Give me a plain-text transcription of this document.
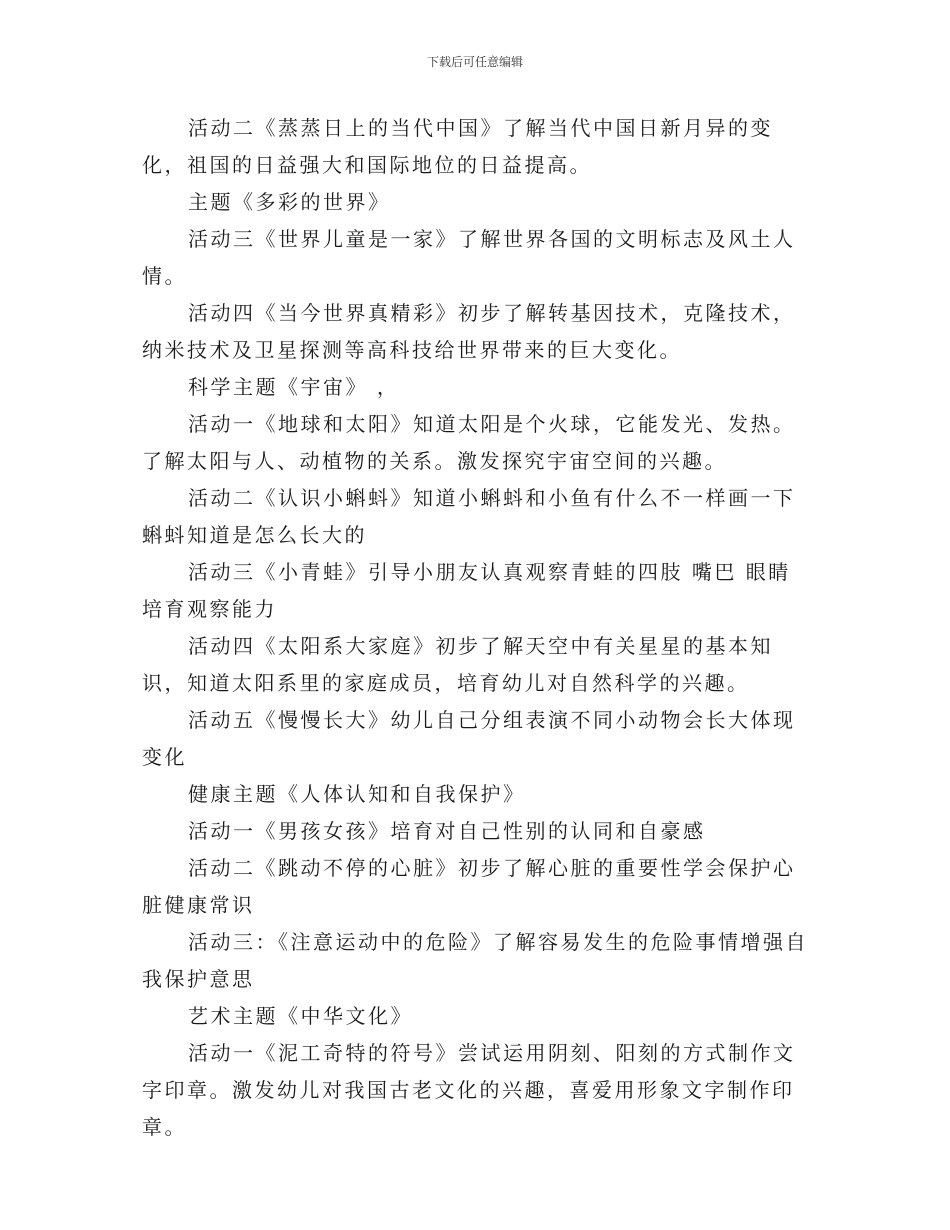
下载后可任意编辑

活动二《蒸蒸日上的当代中国》了解当代中国日新月异的变化，祖国的日益强大和国际地位的日益提高。

主题《多彩的世界》

活动三《世界儿童是一家》了解世界各国的文明标志及风土人情。

活动四《当今世界真精彩》初步了解转基因技术，克隆技术，纳米技术及卫星探测等高科技给世界带来的巨大变化。

科学主题《宇宙》 ，

活动一《地球和太阳》知道太阳是个火球，它能发光、发热。了解太阳与人、动植物的关系。激发探究宇宙空间的兴趣。

活动二《认识小蝌蚪》知道小蝌蚪和小鱼有什么不一样画一下蝌蚪知道是怎么长大的

活动三《小青蛙》引导小朋友认真观察青蛙的四肢 嘴巴 眼睛培育观察能力

活动四《太阳系大家庭》初步了解天空中有关星星的基本知识，知道太阳系里的家庭成员，培育幼儿对自然科学的兴趣。

活动五《慢慢长大》幼儿自己分组表演不同小动物会长大体现变化

健康主题《人体认知和自我保护》

活动一《男孩女孩》培育对自己性别的认同和自豪感

活动二《跳动不停的心脏》初步了解心脏的重要性学会保护心脏健康常识

活动三：《注意运动中的危险》了解容易发生的危险事情增强自我保护意思

艺术主题《中华文化》

活动一《泥工奇特的符号》尝试运用阴刻、阳刻的方式制作文字印章。激发幼儿对我国古老文化的兴趣，喜爱用形象文字制作印章。
